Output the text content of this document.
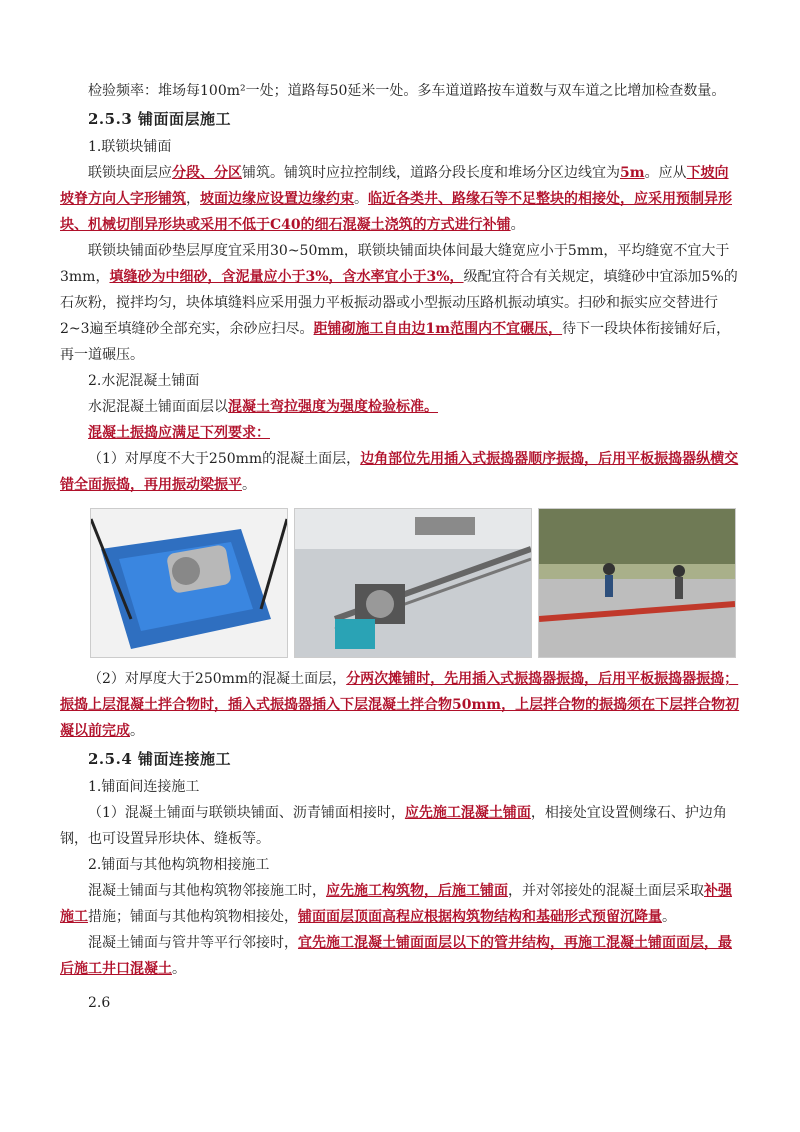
检验频率：堆场每100m²一处；道路每50延米一处。多车道道路按车道数与双车道之比增加检查数量。

2.5.3 铺面面层施工

1.联锁块铺面

联锁块面层应分段、分区铺筑。铺筑时应拉控制线，道路分段长度和堆场分区边线宜为5m。应从下坡向坡脊方向人字形铺筑，坡面边缘应设置边缘约束。临近各类井、路缘石等不足整块的相接处，应采用预制异形块、机械切削异形块或采用不低于C40的细石混凝土浇筑的方式进行补铺。

联锁块铺面砂垫层厚度宜采用30~50mm，联锁块铺面块体间最大缝宽应小于5mm，平均缝宽不宜大于3mm，填缝砂为中细砂，含泥量应小于3%，含水率宜小于3%，级配宜符合有关规定，填缝砂中宜添加5%的石灰粉，搅拌均匀，块体填缝料应采用强力平板振动器或小型振动压路机振动填实。扫砂和振实应交替进行2~3遍至填缝砂全部充实，余砂应扫尽。距铺砌施工自由边1m范围内不宜碾压，待下一段块体衔接铺好后，再一道碾压。

2.水泥混凝土铺面

水泥混凝土铺面面层以混凝土弯拉强度为强度检验标准。

混凝土振捣应满足下列要求：

（1）对厚度不大于250mm的混凝土面层，边角部位先用插入式振捣器顺序振捣，后用平板振捣器纵横交错全面振捣，再用振动梁振平。

（2）对厚度大于250mm的混凝土面层，分两次摊铺时，先用插入式振捣器振捣，后用平板振捣器振捣；振捣上层混凝土拌合物时，插入式振捣器插入下层混凝土拌合物50mm，上层拌合物的振捣须在下层拌合物初凝以前完成。

2.5.4 铺面连接施工

1.铺面间连接施工

（1）混凝土铺面与联锁块铺面、沥青铺面相接时，应先施工混凝土铺面，相接处宜设置侧缘石、护边角钢，也可设置异形块体、缝板等。

2.铺面与其他构筑物相接施工

混凝土铺面与其他构筑物邻接施工时，应先施工构筑物，后施工铺面，并对邻接处的混凝土面层采取补强施工措施；铺面与其他构筑物相接处，铺面面层顶面高程应根据构筑物结构和基础形式预留沉降量。

混凝土铺面与管井等平行邻接时，宜先施工混凝土铺面面层以下的管井结构，再施工混凝土铺面面层，最后施工井口混凝土。

2.6
